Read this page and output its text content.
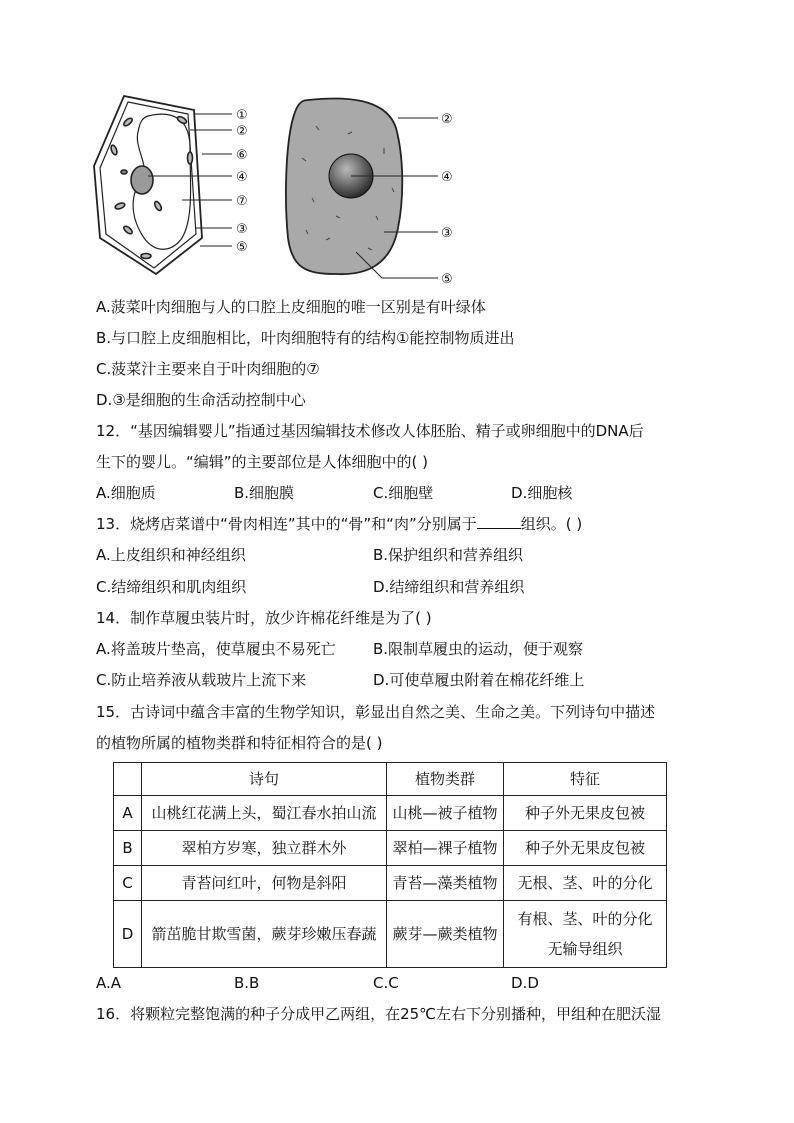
①
②
⑥
④
⑦
③
⑤
②
④
③
⑤
A.菠菜叶肉细胞与人的口腔上皮细胞的唯一区别是有叶绿体
B.与口腔上皮细胞相比，叶肉细胞特有的结构①能控制物质进出
C.菠菜汁主要来自于叶肉细胞的⑦
D.③是细胞的生命活动控制中心
12．“基因编辑婴儿”指通过基因编辑技术修改人体胚胎、精子或卵细胞中的DNA后
生下的婴儿。“编辑”的主要部位是人体细胞中的( )
A.细胞质	B.细胞膜	C.细胞壁	D.细胞核
13．烧烤店菜谱中“骨肉相连”其中的“骨”和“肉”分别属于	组织。( )
A.上皮组织和神经组织	B.保护组织和营养组织
C.结缔组织和肌肉组织	D.结缔组织和营养组织
14．制作草履虫装片时，放少许棉花纤维是为了( )
A.将盖玻片垫高，使草履虫不易死亡 B.限制草履虫的运动，便于观察
C.防止培养液从载玻片上流下来	D.可使草履虫附着在棉花纤维上
15．古诗词中蕴含丰富的生物学知识，彰显出自然之美、生命之美。下列诗句中描述
的植物所属的植物类群和特征相符合的是( )
	诗句	植物类群	特征
A	山桃红花满上头，蜀江春水拍山流	山桃—被子植物	种子外无果皮包被
B	翠柏方岁寒，独立群木外	翠柏—裸子植物	种子外无果皮包被
C	青苔问红叶，何物是斜阳	青苔—藻类植物	无根、茎、叶的分化
D	箭茁脆甘欺雪菌，蕨芽珍嫩压春蔬	蕨芽—蕨类植物	有根、茎、叶的分化
无输导组织
A.A	B.B	C.C	D.D
16．将颗粒完整饱满的种子分成甲乙两组，在25℃左右下分别播种，甲组种在肥沃湿
